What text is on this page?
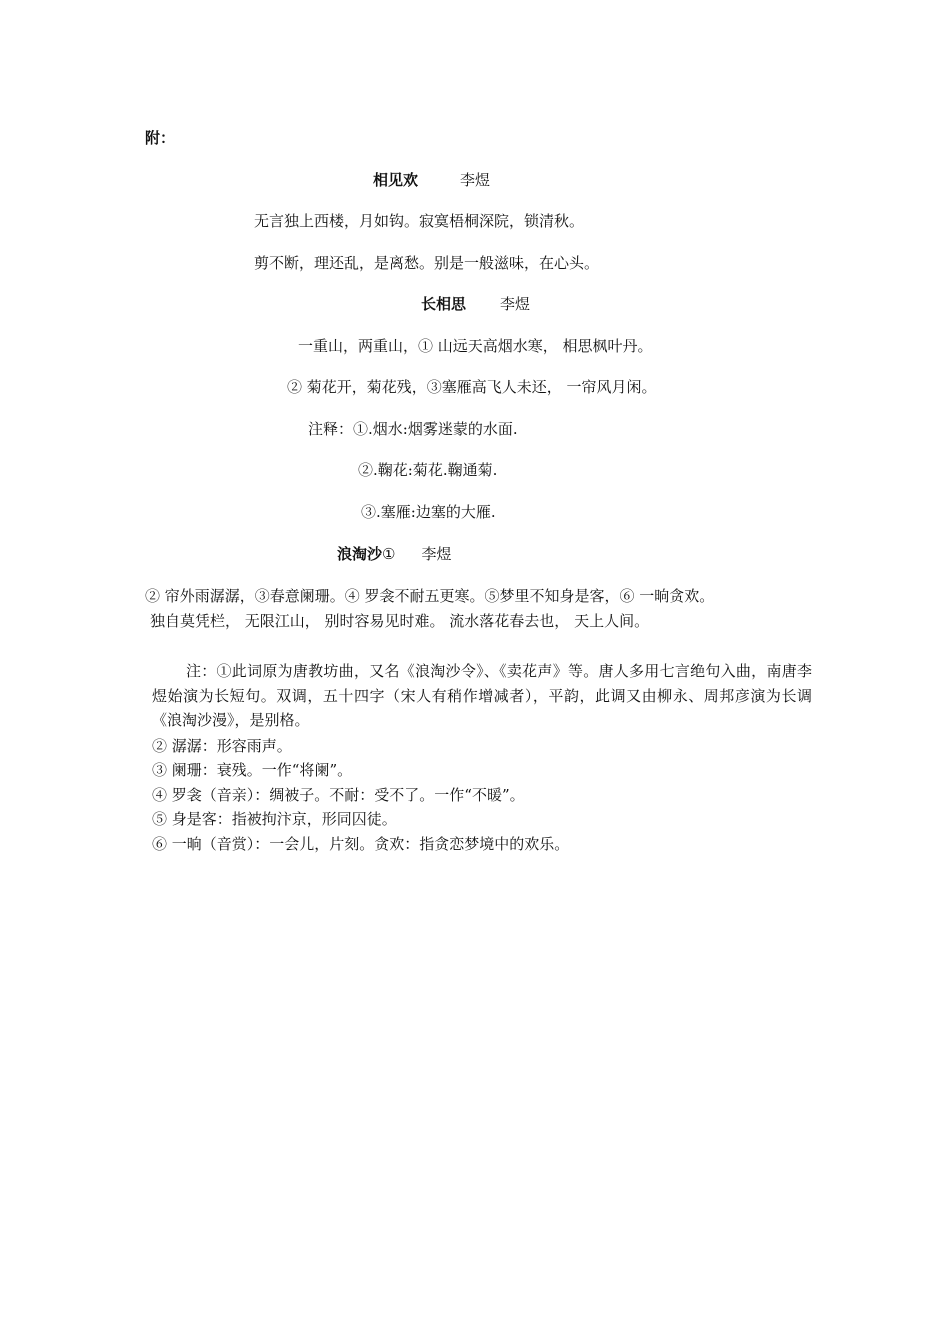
附：
相见欢	李煜
无言独上西楼，月如钩。寂寞梧桐深院，锁清秋。
剪不断，理还乱，是离愁。别是一般滋味，在心头。
长相思 李煜
一重山，两重山，① 山远天高烟水寒， 相思枫叶丹。
② 菊花开，菊花残，③塞雁高飞人未还， 一帘风月闲。
注释：①.烟水:烟雾迷蒙的水面.
②.鞠花:菊花.鞠通菊.
③.塞雁:边塞的大雁.
浪淘沙① 李煜
② 帘外雨潺潺，③春意阑珊。④ 罗衾不耐五更寒。⑤梦里不知身是客，⑥ 一晌贪欢。
独自莫凭栏， 无限江山， 别时容易见时难。 流水落花春去也， 天上人间。
注：①此词原为唐教坊曲，又名《浪淘沙令》、《卖花声》等。唐人多用七言绝句入曲，南唐李煜始演为长短句。双调，五十四字（宋人有稍作增减者），平韵，此调又由柳永、周邦彦演为长调《浪淘沙漫》，是别格。
② 潺潺：形容雨声。
③ 阑珊：衰残。一作“将阑”。
④ 罗衾（音亲）：绸被子。不耐：受不了。一作“不暖”。
⑤ 身是客：指被拘汴京，形同囚徒。
⑥ 一晌（音赏）：一会儿，片刻。贪欢：指贪恋梦境中的欢乐。
